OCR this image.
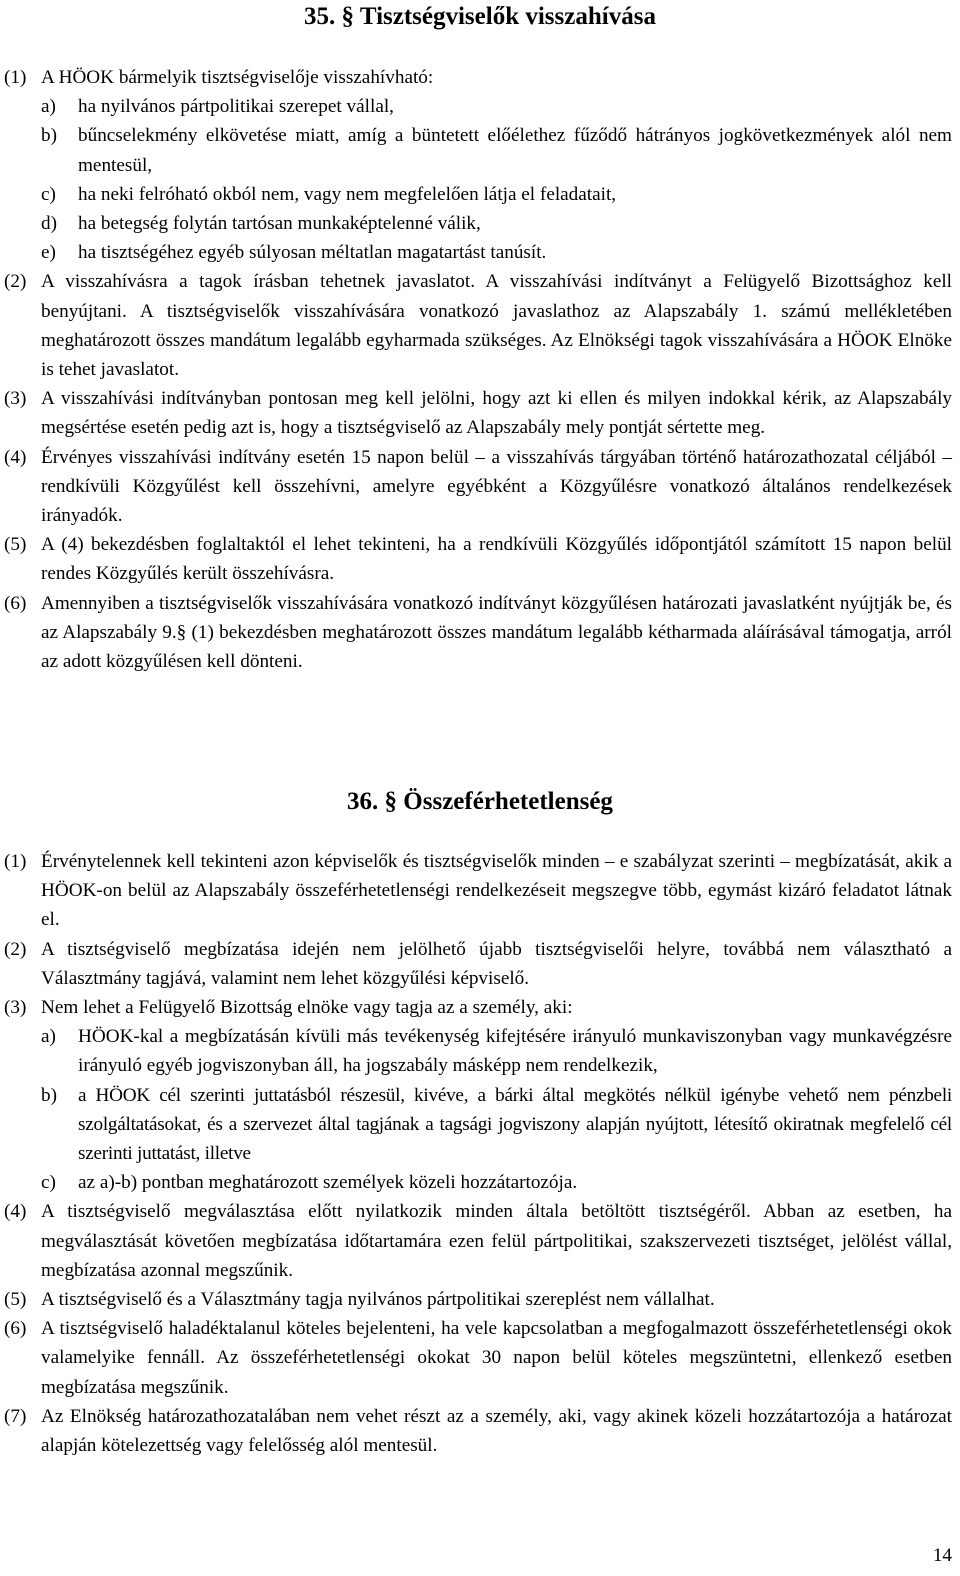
35. § Tisztségviselők visszahívása
(1) A HÖOK bármelyik tisztségviselője visszahívható:
a)	ha nyilvános pártpolitikai szerepet vállal,
b)	bűncselekmény elkövetése miatt, amíg a büntetett előélethez fűződő hátrányos jogkövetkezmények alól nem mentesül,
c)	ha neki felróható okból nem, vagy nem megfelelően látja el feladatait,
d)	ha betegség folytán tartósan munkaképtelenné válik,
e)	ha tisztségéhez egyéb súlyosan méltatlan magatartást tanúsít.
(2) A visszahívásra a tagok írásban tehetnek javaslatot. A visszahívási indítványt a Felügyelő Bizottsághoz kell benyújtani. A tisztségviselők visszahívására vonatkozó javaslathoz az Alapszabály 1. számú mellékletében meghatározott összes mandátum legalább egyharmada szükséges. Az Elnökségi tagok visszahívására a HÖOK Elnöke is tehet javaslatot.
(3) A visszahívási indítványban pontosan meg kell jelölni, hogy azt ki ellen és milyen indokkal kérik, az Alapszabály megsértése esetén pedig azt is, hogy a tisztségviselő az Alapszabály mely pontját sértette meg.
(4) Érvényes visszahívási indítvány esetén 15 napon belül – a visszahívás tárgyában történő határozathozatal céljából – rendkívüli Közgyűlést kell összehívni, amelyre egyébként a Közgyűlésre vonatkozó általános rendelkezések irányadók.
(5) A (4) bekezdésben foglaltaktól el lehet tekinteni, ha a rendkívüli Közgyűlés időpontjától számított 15 napon belül rendes Közgyűlés került összehívásra.
(6) Amennyiben a tisztségviselők visszahívására vonatkozó indítványt közgyűlésen határozati javaslatként nyújtják be, és az Alapszabály 9.§ (1) bekezdésben meghatározott összes mandátum legalább kétharmada aláírásával támogatja, arról az adott közgyűlésen kell dönteni.
36. § Összeférhetetlenség
(1) Érvénytelennek kell tekinteni azon képviselők és tisztségviselők minden – e szabályzat szerinti – megbízatását, akik a HÖOK-on belül az Alapszabály összeférhetetlenségi rendelkezéseit megszegve több, egymást kizáró feladatot látnak el.
(2) A tisztségviselő megbízatása idején nem jelölhető újabb tisztségviselői helyre, továbbá nem választható a Választmány tagjává, valamint nem lehet közgyűlési képviselő.
(3) Nem lehet a Felügyelő Bizottság elnöke vagy tagja az a személy, aki:
a)	HÖOK-kal a megbízatásán kívüli más tevékenység kifejtésére irányuló munkaviszonyban vagy munkavégzésre irányuló egyéb jogviszonyban áll, ha jogszabály másképp nem rendelkezik,
b)	a HÖOK cél szerinti juttatásból részesül, kivéve, a bárki által megkötés nélkül igénybe vehető nem pénzbeli szolgáltatásokat, és a szervezet által tagjának a tagsági jogviszony alapján nyújtott, létesítő okiratnak megfelelő cél szerinti juttatást, illetve
c)	az a)-b) pontban meghatározott személyek közeli hozzátartozója.
(4) A tisztségviselő megválasztása előtt nyilatkozik minden általa betöltött tisztségéről. Abban az esetben, ha megválasztását követően megbízatása időtartamára ezen felül pártpolitikai, szakszervezeti tisztséget, jelölést vállal, megbízatása azonnal megszűnik.
(5) A tisztségviselő és a Választmány tagja nyilvános pártpolitikai szereplést nem vállalhat.
(6) A tisztségviselő haladéktalanul köteles bejelenteni, ha vele kapcsolatban a megfogalmazott összeférhetetlenségi okok valamelyike fennáll. Az összeférhetetlenségi okokat 30 napon belül köteles megszüntetni, ellenkező esetben megbízatása megszűnik.
(7) Az Elnökség határozathozatalában nem vehet részt az a személy, aki, vagy akinek közeli hozzátartozója a határozat alapján kötelezettség vagy felelősség alól mentesül.
14
